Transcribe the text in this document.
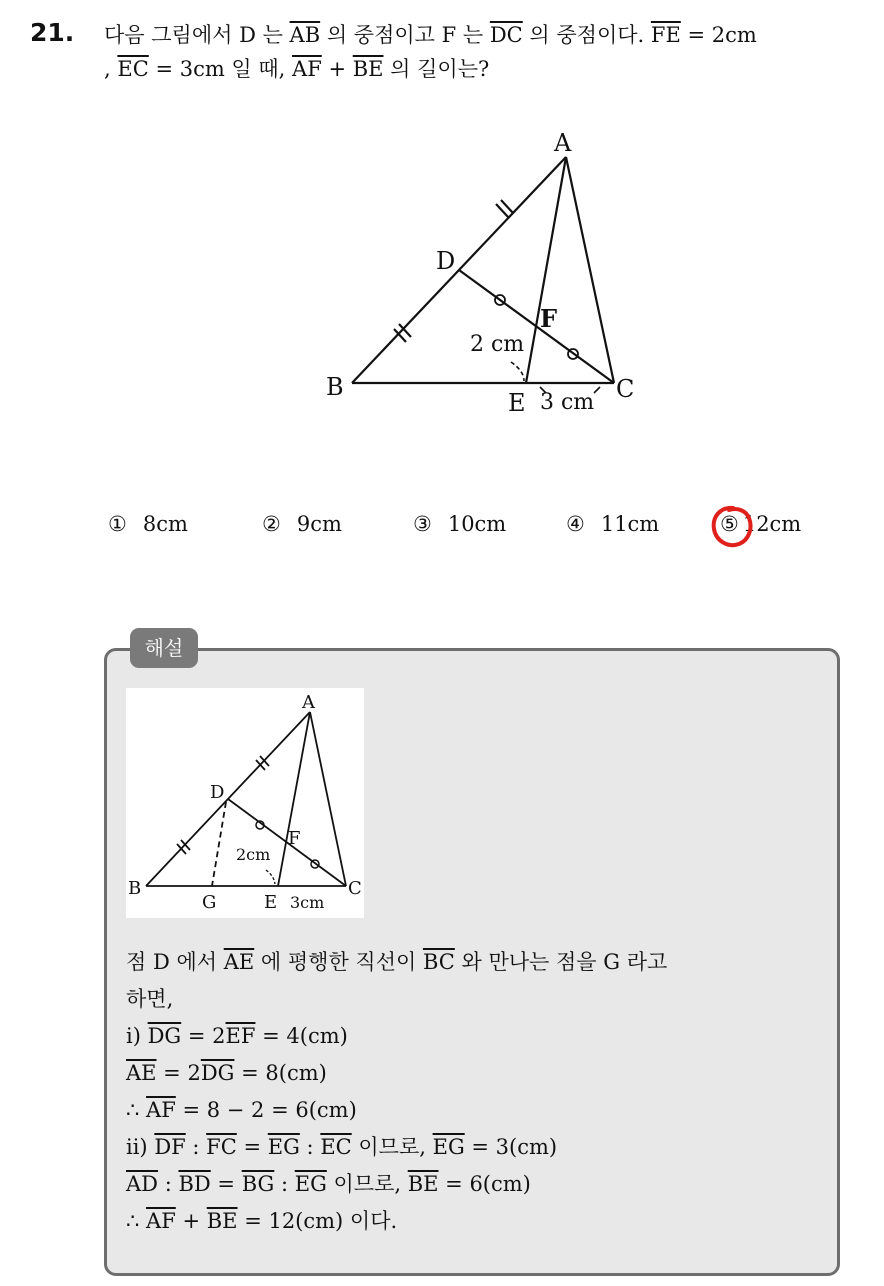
21. 다음 그림에서 D 는 $\overline{AB}$ 의 중점이고 F 는 $\overline{DC}$ 의 중점이다. $\overline{FE} = 2cm$
, $\overline{EC} = 3cm$ 일 때, $\overline{AF} + \overline{BE}$ 의 길이는?
A
B	C
D
E
F
2 cm
3 cm
① 8cm	② 9cm	③ 10cm	④ 11cm	⑤ 12cm
해설
A
B	C
D
E
F
G
2cm
3cm
점 D 에서 $\overline{AE}$ 에 평행한 직선이 $\overline{BC}$ 와 만나는 점을 G 라고
하면,
ⅰ) $\overline{DG} = 2\overline{EF} = 4(cm)$
$\overline{AE} = 2\overline{DG} = 8(cm)$
∴ $\overline{AF} = 8 - 2 = 6(cm)$
ⅱ) $\overline{DF}$ : $\overline{FC} = \overline{EG}$ : $\overline{EC}$ 이므로, $\overline{EG} = 3(cm)$
$\overline{AD}$ : $\overline{BD} = \overline{BG}$ : $\overline{EG}$ 이므로, $\overline{BE} = 6(cm)$
∴ $\overline{AF} + \overline{BE} = 12(cm)$ 이다.
